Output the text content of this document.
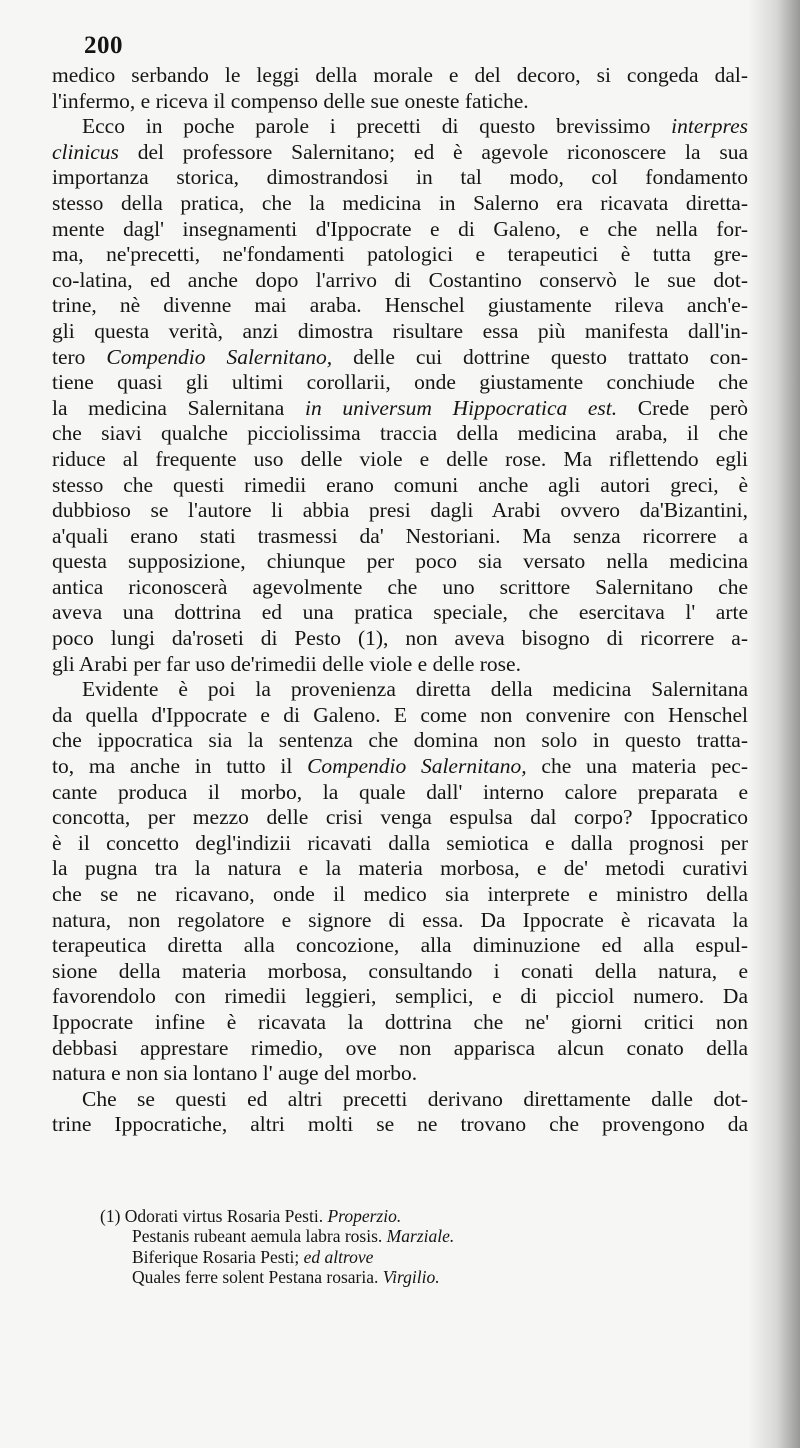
200
medico serbando le leggi della morale e del decoro, si congeda dal-
l'infermo, e riceva il compenso delle sue oneste fatiche.
Ecco in poche parole i precetti di questo brevissimo interpres
clinicus del professore Salernitano; ed è agevole riconoscere la sua
importanza storica, dimostrandosi in tal modo, col fondamento
stesso della pratica, che la medicina in Salerno era ricavata diretta-
mente dagl' insegnamenti d'Ippocrate e di Galeno, e che nella for-
ma, ne'precetti, ne'fondamenti patologici e terapeutici è tutta gre-
co-latina, ed anche dopo l'arrivo di Costantino conservò le sue dot-
trine, nè divenne mai araba. Henschel giustamente rileva anch'e-
gli questa verità, anzi dimostra risultare essa più manifesta dall'in-
tero Compendio Salernitano, delle cui dottrine questo trattato con-
tiene quasi gli ultimi corollarii, onde giustamente conchiude che
la medicina Salernitana in universum Hippocratica est. Crede però
che siavi qualche picciolissima traccia della medicina araba, il che
riduce al frequente uso delle viole e delle rose. Ma riflettendo egli
stesso che questi rimedii erano comuni anche agli autori greci, è
dubbioso se l'autore li abbia presi dagli Arabi ovvero da'Bizantini,
a'quali erano stati trasmessi da' Nestoriani. Ma senza ricorrere a
questa supposizione, chiunque per poco sia versato nella medicina
antica riconoscerà agevolmente che uno scrittore Salernitano che
aveva una dottrina ed una pratica speciale, che esercitava l' arte
poco lungi da'roseti di Pesto (1), non aveva bisogno di ricorrere a-
gli Arabi per far uso de'rimedii delle viole e delle rose.
Evidente è poi la provenienza diretta della medicina Salernitana
da quella d'Ippocrate e di Galeno. E come non convenire con Henschel
che ippocratica sia la sentenza che domina non solo in questo tratta-
to, ma anche in tutto il Compendio Salernitano, che una materia pec-
cante produca il morbo, la quale dall' interno calore preparata e
concotta, per mezzo delle crisi venga espulsa dal corpo? Ippocratico
è il concetto degl'indizii ricavati dalla semiotica e dalla prognosi per
la pugna tra la natura e la materia morbosa, e de' metodi curativi
che se ne ricavano, onde il medico sia interprete e ministro della
natura, non regolatore e signore di essa. Da Ippocrate è ricavata la
terapeutica diretta alla concozione, alla diminuzione ed alla espul-
sione della materia morbosa, consultando i conati della natura, e
favorendolo con rimedii leggieri, semplici, e di picciol numero. Da
Ippocrate infine è ricavata la dottrina che ne' giorni critici non
debbasi apprestare rimedio, ove non apparisca alcun conato della
natura e non sia lontano l' auge del morbo.
Che se questi ed altri precetti derivano direttamente dalle dot-
trine Ippocratiche, altri molti se ne trovano che provengono da
(1) Odorati virtus Rosaria Pesti. Properzio.
Pestanis rubeant aemula labra rosis. Marziale.
Biferique Rosaria Pesti; ed altrove
Quales ferre solent Pestana rosaria. Virgilio.
